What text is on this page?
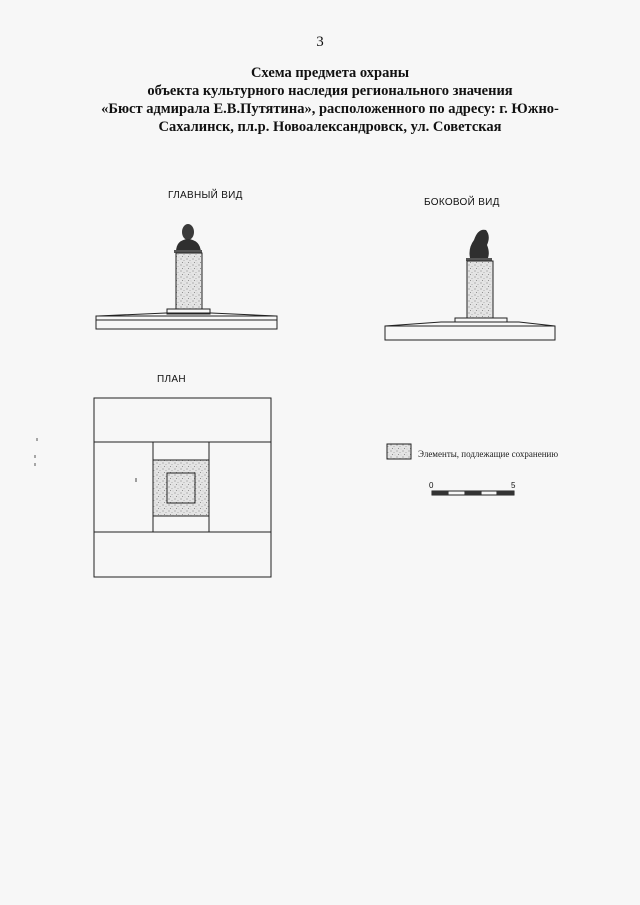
3
Схема предмета охраны
объекта культурного наследия регионального значения
«Бюст адмирала Е.В.Путятина», расположенного по адресу: г. Южно-
Сахалинск, пл.р. Новоалександровск, ул. Советская
ГЛАВНЫЙ ВИД
БОКОВОЙ ВИД
ПЛАН
Элементы, подлежащие сохранению
0	5
